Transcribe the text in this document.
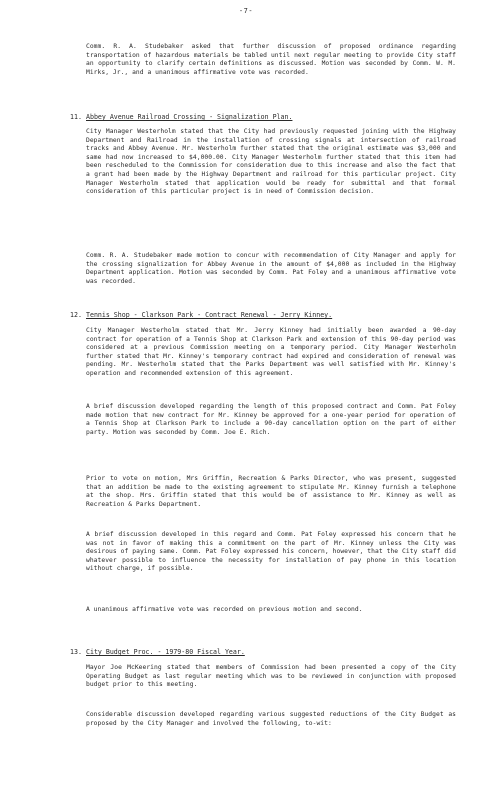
-7-
Comm. R. A. Studebaker asked that further discussion of proposed ordinance regarding transportation of hazardous materials be tabled until next regular meeting to provide City staff an opportunity to clarify certain definitions as discussed. Motion was seconded by Comm. W. M. Mirks, Jr., and a unanimous affirmative vote was recorded.
11. Abbey Avenue Railroad Crossing - Signalization Plan.
City Manager Westerholm stated that the City had previously requested joining with the Highway Department and Railroad in the installation of crossing signals at intersection of railroad tracks and Abbey Avenue. Mr. Westerholm further stated that the original estimate was $3,000 and same had now increased to $4,000.00. City Manager Westerholm further stated that this item had been rescheduled to the Commission for consideration due to this increase and also the fact that a grant had been made by the Highway Department and railroad for this particular project. City Manager Westerholm stated that application would be ready for submittal and that formal consideration of this particular project is in need of Commission decision.
Comm. R. A. Studebaker made motion to concur with recommendation of City Manager and apply for the crossing signalization for Abbey Avenue in the amount of $4,000 as included in the Highway Department application. Motion was seconded by Comm. Pat Foley and a unanimous affirmative vote was recorded.
12. Tennis Shop - Clarkson Park - Contract Renewal - Jerry Kinney.
City Manager Westerholm stated that Mr. Jerry Kinney had initially been awarded a 90-day contract for operation of a Tennis Shop at Clarkson Park and extension of this 90-day period was considered at a previous Commission meeting on a temporary period. City Manager Westerholm further stated that Mr. Kinney's temporary contract had expired and consideration of renewal was pending. Mr. Westerholm stated that the Parks Department was well satisfied with Mr. Kinney's operation and recommended extension of this agreement.
A brief discussion developed regarding the length of this proposed contract and Comm. Pat Foley made motion that new contract for Mr. Kinney be approved for a one-year period for operation of a Tennis Shop at Clarkson Park to include a 90-day cancellation option on the part of either party. Motion was seconded by Comm. Joe E. Rich.
Prior to vote on motion, Mrs Griffin, Recreation & Parks Director, who was present, suggested that an addition be made to the existing agreement to stipulate Mr. Kinney furnish a telephone at the shop. Mrs. Griffin stated that this would be of assistance to Mr. Kinney as well as Recreation & Parks Department.
A brief discussion developed in this regard and Comm. Pat Foley expressed his concern that he was not in favor of making this a commitment on the part of Mr. Kinney unless the City was desirous of paying same. Comm. Pat Foley expressed his concern, however, that the City staff did whatever possible to influence the necessity for installation of pay phone in this location without charge, if possible.
A unanimous affirmative vote was recorded on previous motion and second.
13. City Budget Proc. - 1979-80 Fiscal Year.
Mayor Joe McKeering stated that members of Commission had been presented a copy of the City Operating Budget as last regular meeting which was to be reviewed in conjunction with proposed budget prior to this meeting.
Considerable discussion developed regarding various suggested reductions of the City Budget as proposed by the City Manager and involved the following, to-wit:
